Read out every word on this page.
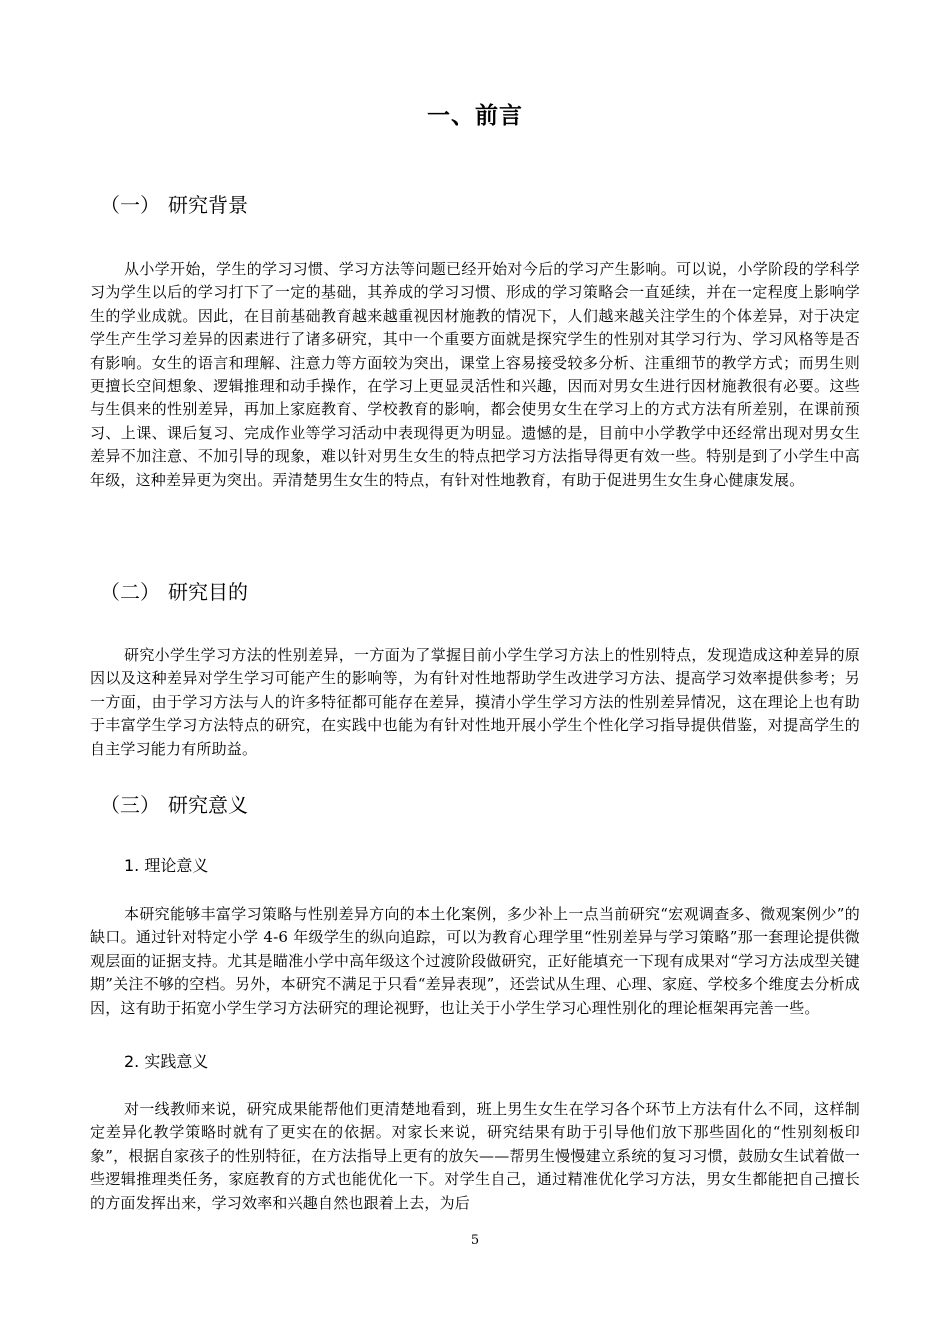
一、前言
（一） 研究背景
从小学开始，学生的学习习惯、学习方法等问题已经开始对今后的学习产生影响。可以说，小学阶段的学科学习为学生以后的学习打下了一定的基础，其养成的学习习惯、形成的学习策略会一直延续，并在一定程度上影响学生的学业成就。因此，在目前基础教育越来越重视因材施教的情况下，人们越来越关注学生的个体差异，对于决定学生产生学习差异的因素进行了诸多研究，其中一个重要方面就是探究学生的性别对其学习行为、学习风格等是否有影响。女生的语言和理解、注意力等方面较为突出，课堂上容易接受较多分析、注重细节的教学方式；而男生则更擅长空间想象、逻辑推理和动手操作，在学习上更显灵活性和兴趣，因而对男女生进行因材施教很有必要。这些与生俱来的性别差异，再加上家庭教育、学校教育的影响，都会使男女生在学习上的方式方法有所差别，在课前预习、上课、课后复习、完成作业等学习活动中表现得更为明显。遗憾的是，目前中小学教学中还经常出现对男女生差异不加注意、不加引导的现象，难以针对男生女生的特点把学习方法指导得更有效一些。特别是到了小学生中高年级，这种差异更为突出。弄清楚男生女生的特点，有针对性地教育，有助于促进男生女生身心健康发展。
（二） 研究目的
研究小学生学习方法的性别差异，一方面为了掌握目前小学生学习方法上的性别特点，发现造成这种差异的原因以及这种差异对学生学习可能产生的影响等，为有针对性地帮助学生改进学习方法、提高学习效率提供参考；另一方面，由于学习方法与人的许多特征都可能存在差异，摸清小学生学习方法的性别差异情况，这在理论上也有助于丰富学生学习方法特点的研究，在实践中也能为有针对性地开展小学生个性化学习指导提供借鉴，对提高学生的自主学习能力有所助益。
（三） 研究意义
1. 理论意义
本研究能够丰富学习策略与性别差异方向的本土化案例，多少补上一点当前研究“宏观调查多、微观案例少”的缺口。通过针对特定小学 4-6 年级学生的纵向追踪，可以为教育心理学里“性别差异与学习策略”那一套理论提供微观层面的证据支持。尤其是瞄准小学中高年级这个过渡阶段做研究，正好能填充一下现有成果对“学习方法成型关键期”关注不够的空档。另外，本研究不满足于只看“差异表现”，还尝试从生理、心理、家庭、学校多个维度去分析成因，这有助于拓宽小学生学习方法研究的理论视野，也让关于小学生学习心理性别化的理论框架再完善一些。
2. 实践意义
对一线教师来说，研究成果能帮他们更清楚地看到，班上男生女生在学习各个环节上方法有什么不同，这样制定差异化教学策略时就有了更实在的依据。对家长来说，研究结果有助于引导他们放下那些固化的“性别刻板印象”，根据自家孩子的性别特征，在方法指导上更有的放矢——帮男生慢慢建立系统的复习习惯，鼓励女生试着做一些逻辑推理类任务，家庭教育的方式也能优化一下。对学生自己，通过精准优化学习方法，男女生都能把自己擅长的方面发挥出来，学习效率和兴趣自然也跟着上去，为后
5
